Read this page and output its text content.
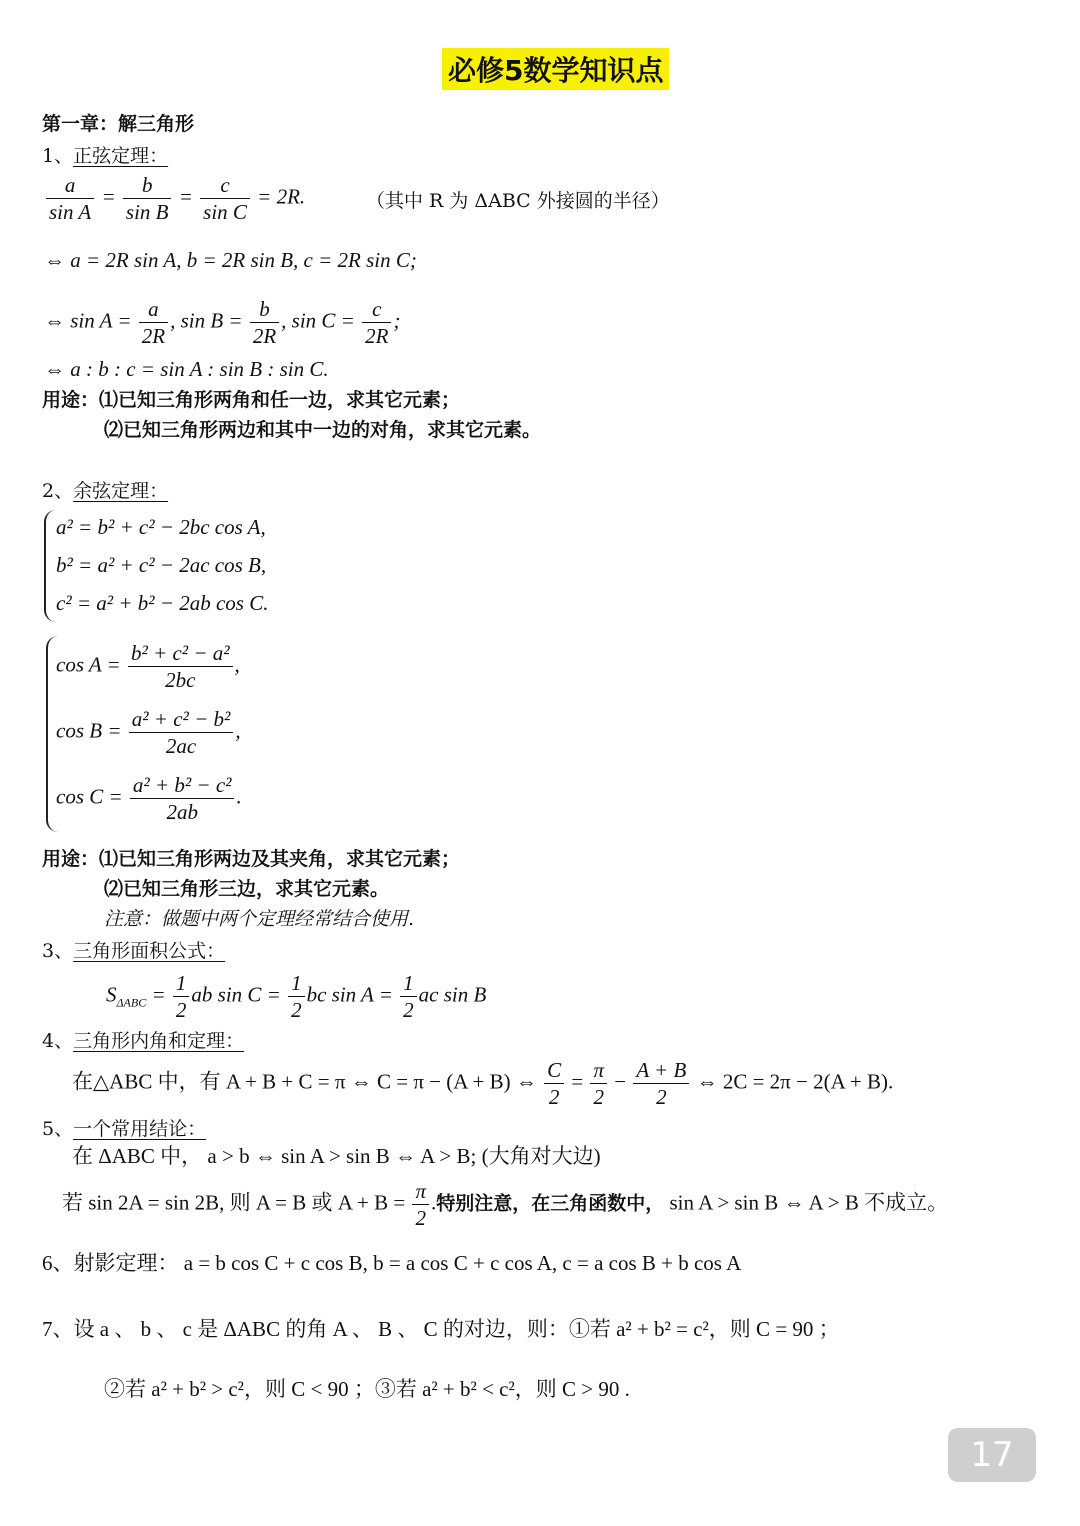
必修5数学知识点
第一章：解三角形
1、正弦定理：
$\frac{a}{\text{sin A}} = \frac{b}{\text{sin B}} = \frac{c}{\text{sin C}} = 2R$.	（其中 R 为 ΔABC 外接圆的半径）
⇔ a = 2R sin A, b = 2R sin B, c = 2R sin C;
⇔ $\sin A = \frac{a}{2R}$ , $\sin B = \frac{b}{2R}$ , $\sin C = \frac{c}{2R}$ ;
⇔ a : b : c = sin A : sin B : sin C.
用途：⑴已知三角形两角和任一边，求其它元素；
⑵已知三角形两边和其中一边的对角，求其它元素。
2、余弦定理：
a² = b² + c² − 2bc cos A,
b² = a² + c² − 2ac cos B,
c² = a² + b² − 2ab cos C.
$\cos A = \frac{\text{b² + c² − a²}}{2bc}$ ,
$\cos B = \frac{\text{a² + c² − b²}}{2ac}$ ,
$\cos C = \frac{\text{a² + b² − c²}}{2ab}$ .
用途：⑴已知三角形两边及其夹角，求其它元素；
⑵已知三角形三边，求其它元素。
注意：做题中两个定理经常结合使用.
3、三角形面积公式：
$S_{\Delta ABC} = \frac{1}{2}$ ab $\sin C = \frac{1}{2}$ bc $\sin A = \frac{1}{2}$ ac sin B
4、三角形内角和定理：
在△ABC 中，有 A + B + C = π ⇔ C = π − (A + B) ⇔ $\frac{C}{2} = \frac{\pi}{2} - \frac{A + B}{2}$ ⇔ 2C = 2π − 2(A + B).
5、一个常用结论：
在 ΔABC 中， a > b ⇔ sin A > sin B ⇔ A > B; (大角对大边)
若 sin 2A = sin 2B, 则 A = B 或 $A + B = \frac{\pi}{2}$ .特别注意，在三角函数中， sin A > sin B ⇔ A > B 不成立。
6、射影定理： a = b cos C + c cos B, b = a cos C + c cos A, c = a cos B + b cos A
7、设 a 、 b 、 c 是 ΔABC 的角 A 、 B 、 C 的对边，则：①若 a² + b² = c²，则 C = 90 ；
②若 a² + b² > c²，则 C < 90 ；③若 a² + b² < c²，则 C > 90 .
17
